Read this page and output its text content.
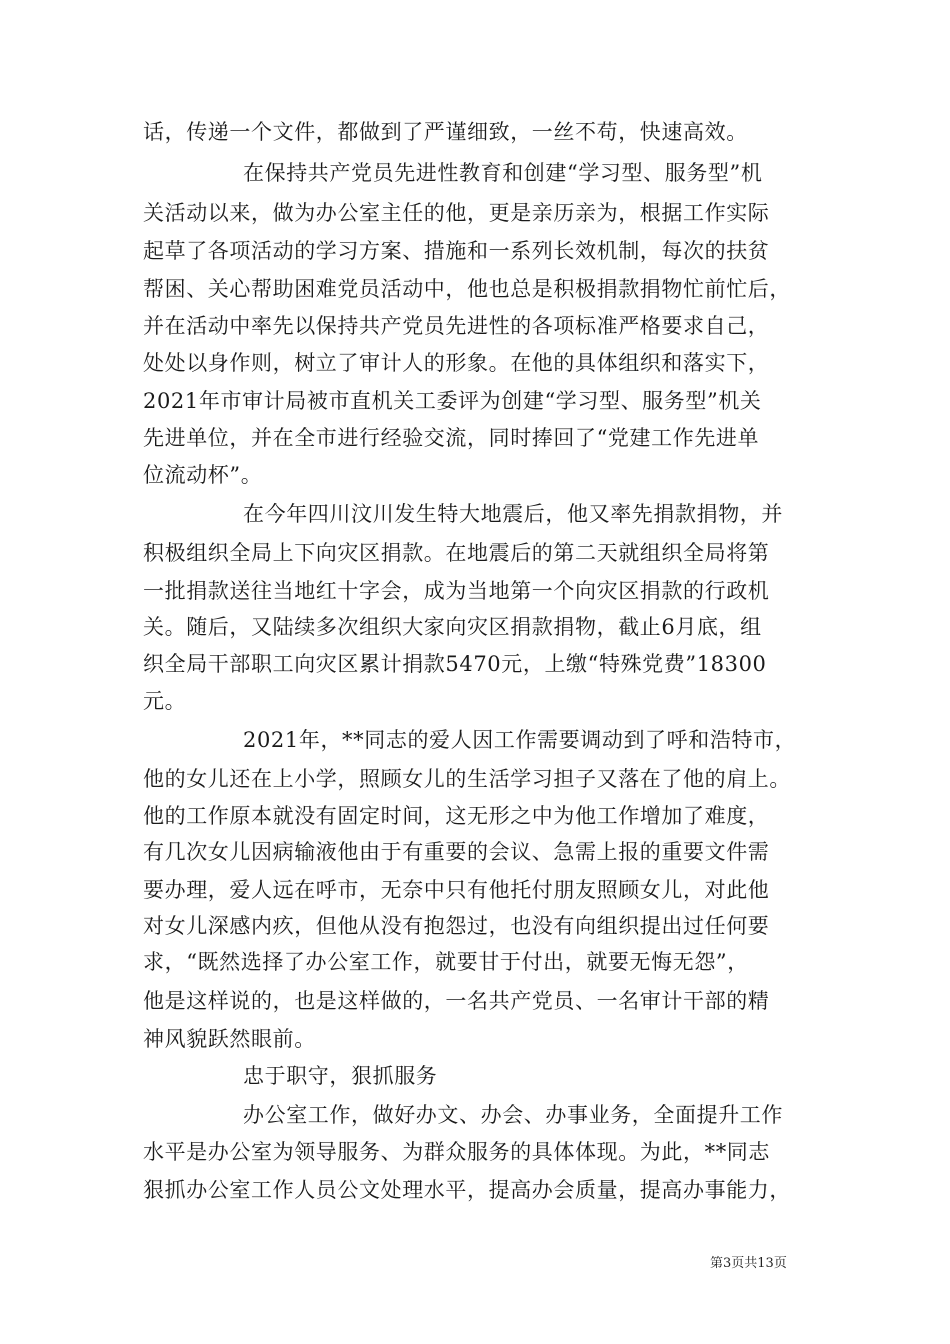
话，传递一个文件，都做到了严谨细致，一丝不苟，快速高效。
在保持共产党员先进性教育和创建“学习型、服务型”机
关活动以来，做为办公室主任的他，更是亲历亲为，根据工作实际
起草了各项活动的学习方案、措施和一系列长效机制，每次的扶贫
帮困、关心帮助困难党员活动中，他也总是积极捐款捐物忙前忙后，
并在活动中率先以保持共产党员先进性的各项标准严格要求自己，
处处以身作则，树立了审计人的形象。在他的具体组织和落实下，
2021年市审计局被市直机关工委评为创建“学习型、服务型”机关
先进单位，并在全市进行经验交流，同时捧回了“党建工作先进单
位流动杯”。
在今年四川汶川发生特大地震后，他又率先捐款捐物，并
积极组织全局上下向灾区捐款。在地震后的第二天就组织全局将第
一批捐款送往当地红十字会，成为当地第一个向灾区捐款的行政机
关。随后，又陆续多次组织大家向灾区捐款捐物，截止6月底，组
织全局干部职工向灾区累计捐款5470元，上缴“特殊党费”18300
元。
2021年，**同志的爱人因工作需要调动到了呼和浩特市，
他的女儿还在上小学，照顾女儿的生活学习担子又落在了他的肩上。
他的工作原本就没有固定时间，这无形之中为他工作增加了难度，
有几次女儿因病输液他由于有重要的会议、急需上报的重要文件需
要办理，爱人远在呼市，无奈中只有他托付朋友照顾女儿，对此他
对女儿深感内疚，但他从没有抱怨过，也没有向组织提出过任何要
求，“既然选择了办公室工作，就要甘于付出，就要无悔无怨”，
他是这样说的，也是这样做的，一名共产党员、一名审计干部的精
神风貌跃然眼前。
忠于职守，狠抓服务
办公室工作，做好办文、办会、办事业务，全面提升工作
水平是办公室为领导服务、为群众服务的具体体现。为此，**同志
狠抓办公室工作人员公文处理水平，提高办会质量，提高办事能力，
第3页共13页
